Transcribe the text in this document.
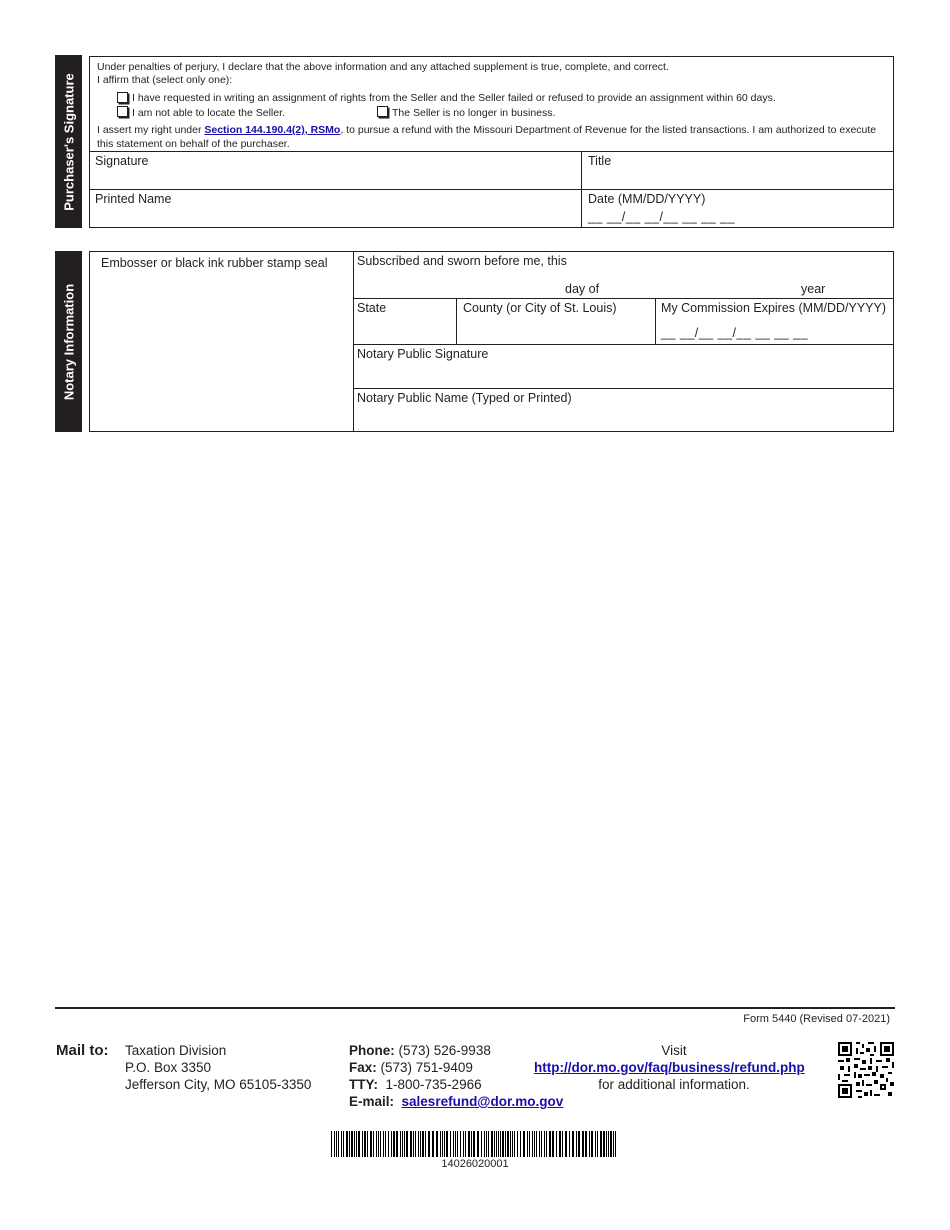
Purchaser's Signature
Under penalties of perjury, I declare that the above information and any attached supplement is true, complete, and correct.
I affirm that (select only one):
I have requested in writing an assignment of rights from the Seller and the Seller failed or refused to provide an assignment within 60 days.
I am not able to locate the Seller.	The Seller is no longer in business.
I assert my right under Section 144.190.4(2), RSMo, to pursue a refund with the Missouri Department of Revenue for the listed transactions. I am authorized to execute
this statement on behalf of the purchaser.
Signature	Title
Printed Name	Date (MM/DD/YYYY)
__ __/__ __/__ __ __ __
Notary Information
Embosser or black ink rubber stamp seal Subscribed and sworn before me, this
day of	year
State	County (or City of St. Louis)	My Commission Expires (MM/DD/YYYY)
__ __/__ __/__ __ __ __
Notary Public Signature
Notary Public Name (Typed or Printed)
Form 5440 (Revised 07-2021)
Mail to: Taxation Division
P.O. Box 3350
Jefferson City, MO 65105-3350
Phone: (573) 526-9938
Fax: (573) 751-9409
TTY: 1-800-735-2966
E-mail: salesrefund@dor.mo.gov
Visit
http://dor.mo.gov/faq/business/refund.php
for additional information.
14026020001
